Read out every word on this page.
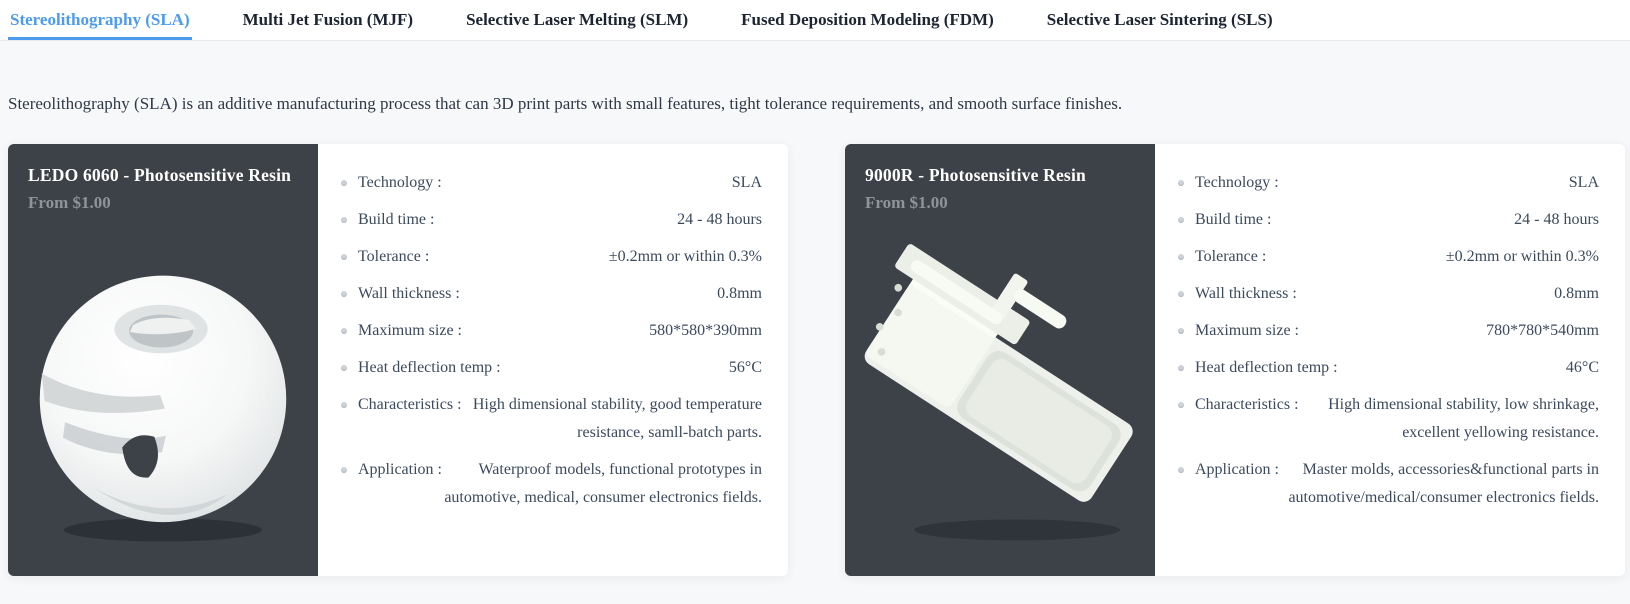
Stereolithography (SLA)	Multi Jet Fusion (MJF)	Selective Laser Melting (SLM)	Fused Deposition Modeling (FDM)	Selective Laser Sintering (SLS)

Stereolithography (SLA) is an additive manufacturing process that can 3D print parts with small features, tight tolerance requirements, and smooth surface finishes.

LEDO 6060 - Photosensitive Resin
From $1.00
Technology :	SLA
Build time :	24 - 48 hours
Tolerance :	±0.2mm or within 0.3%
Wall thickness :	0.8mm
Maximum size :	580*580*390mm
Heat deflection temp :	56°C
Characteristics : High dimensional stability, good temperature resistance, samll-batch parts.
Application : Waterproof models, functional prototypes in automotive, medical, consumer electronics fields.
9000R - Photosensitive Resin
From $1.00
Technology :	SLA
Build time :	24 - 48 hours
Tolerance :	±0.2mm or within 0.3%
Wall thickness :	0.8mm
Maximum size :	780*780*540mm
Heat deflection temp :	46°C
Characteristics : High dimensional stability, low shrinkage, excellent yellowing resistance.
Application : Master molds, accessories&functional parts in automotive/medical/consumer electronics fields.
